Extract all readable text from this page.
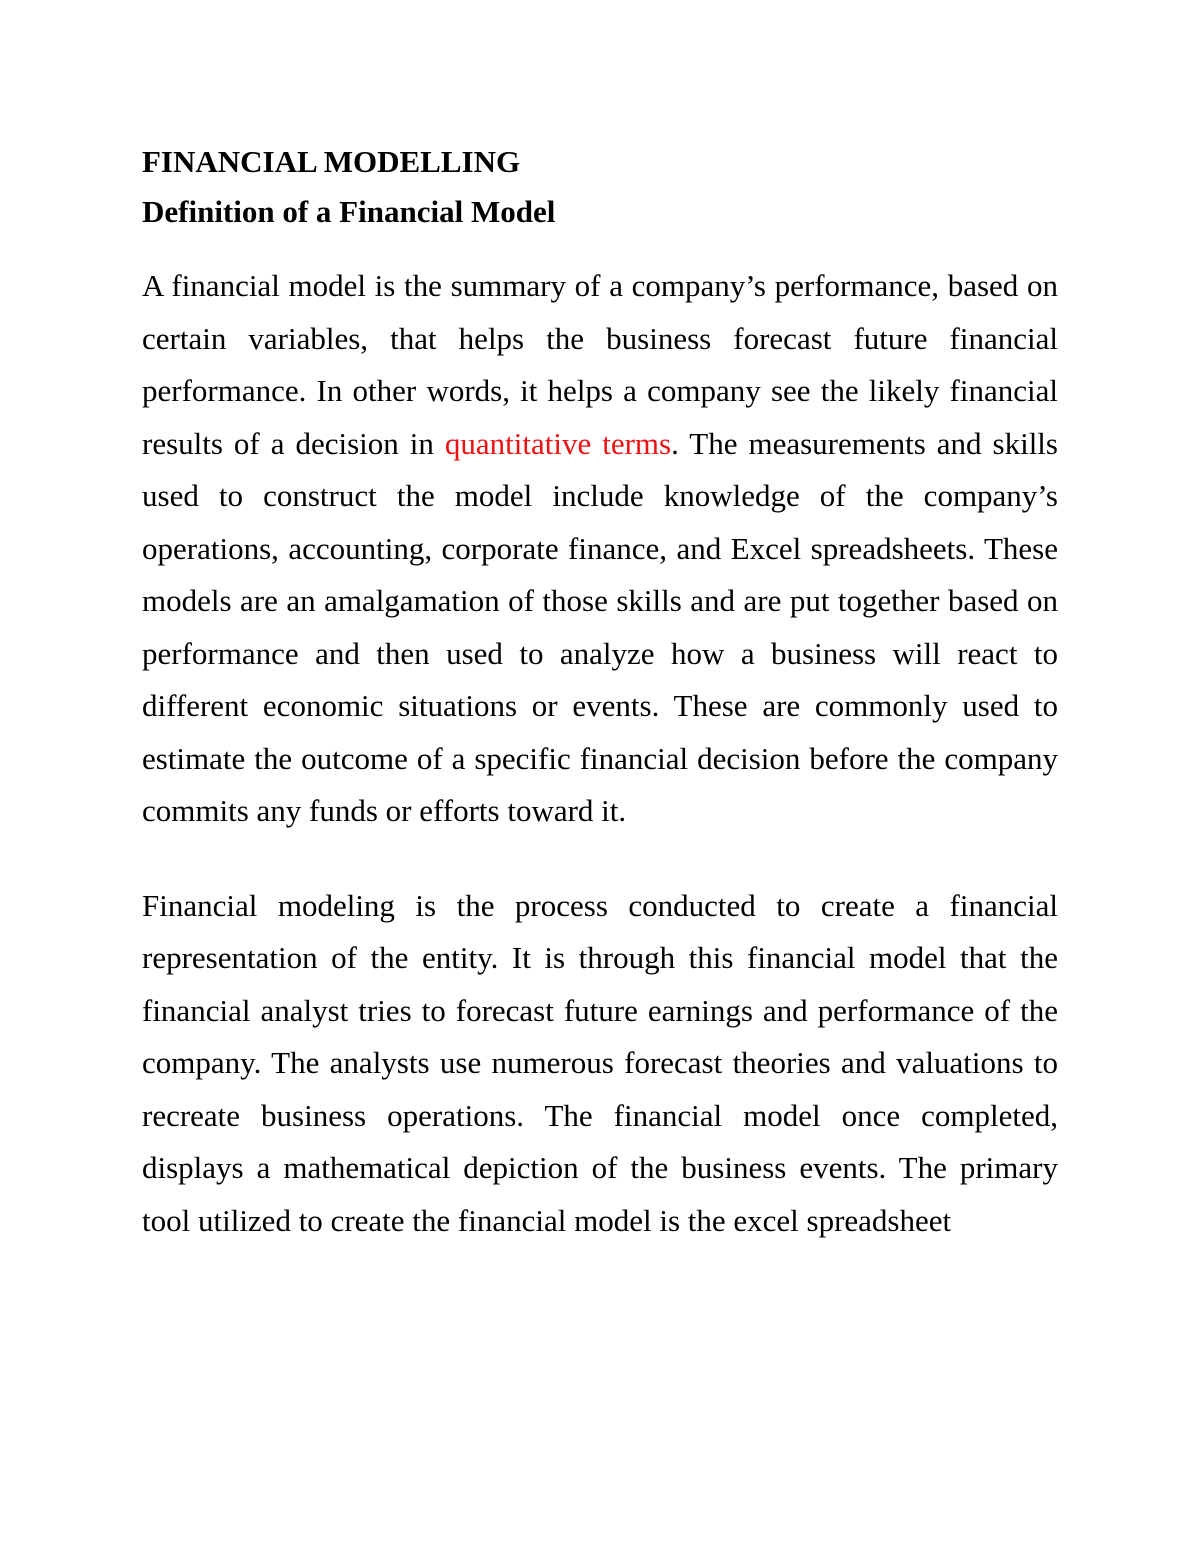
FINANCIAL MODELLING

Definition of a Financial Model

A financial model is the summary of a company’s performance, based on certain variables, that helps the business forecast future financial performance. In other words, it helps a company see the likely financial results of a decision in quantitative terms. The measurements and skills used to construct the model include knowledge of the company’s operations, accounting, corporate finance, and Excel spreadsheets. These models are an amalgamation of those skills and are put together based on performance and then used to analyze how a business will react to different economic situations or events. These are commonly used to estimate the outcome of a specific financial decision before the company commits any funds or efforts toward it.

Financial modeling is the process conducted to create a financial representation of the entity. It is through this financial model that the financial analyst tries to forecast future earnings and performance of the company. The analysts use numerous forecast theories and valuations to recreate business operations. The financial model once completed, displays a mathematical depiction of the business events. The primary tool utilized to create the financial model is the excel spreadsheet
